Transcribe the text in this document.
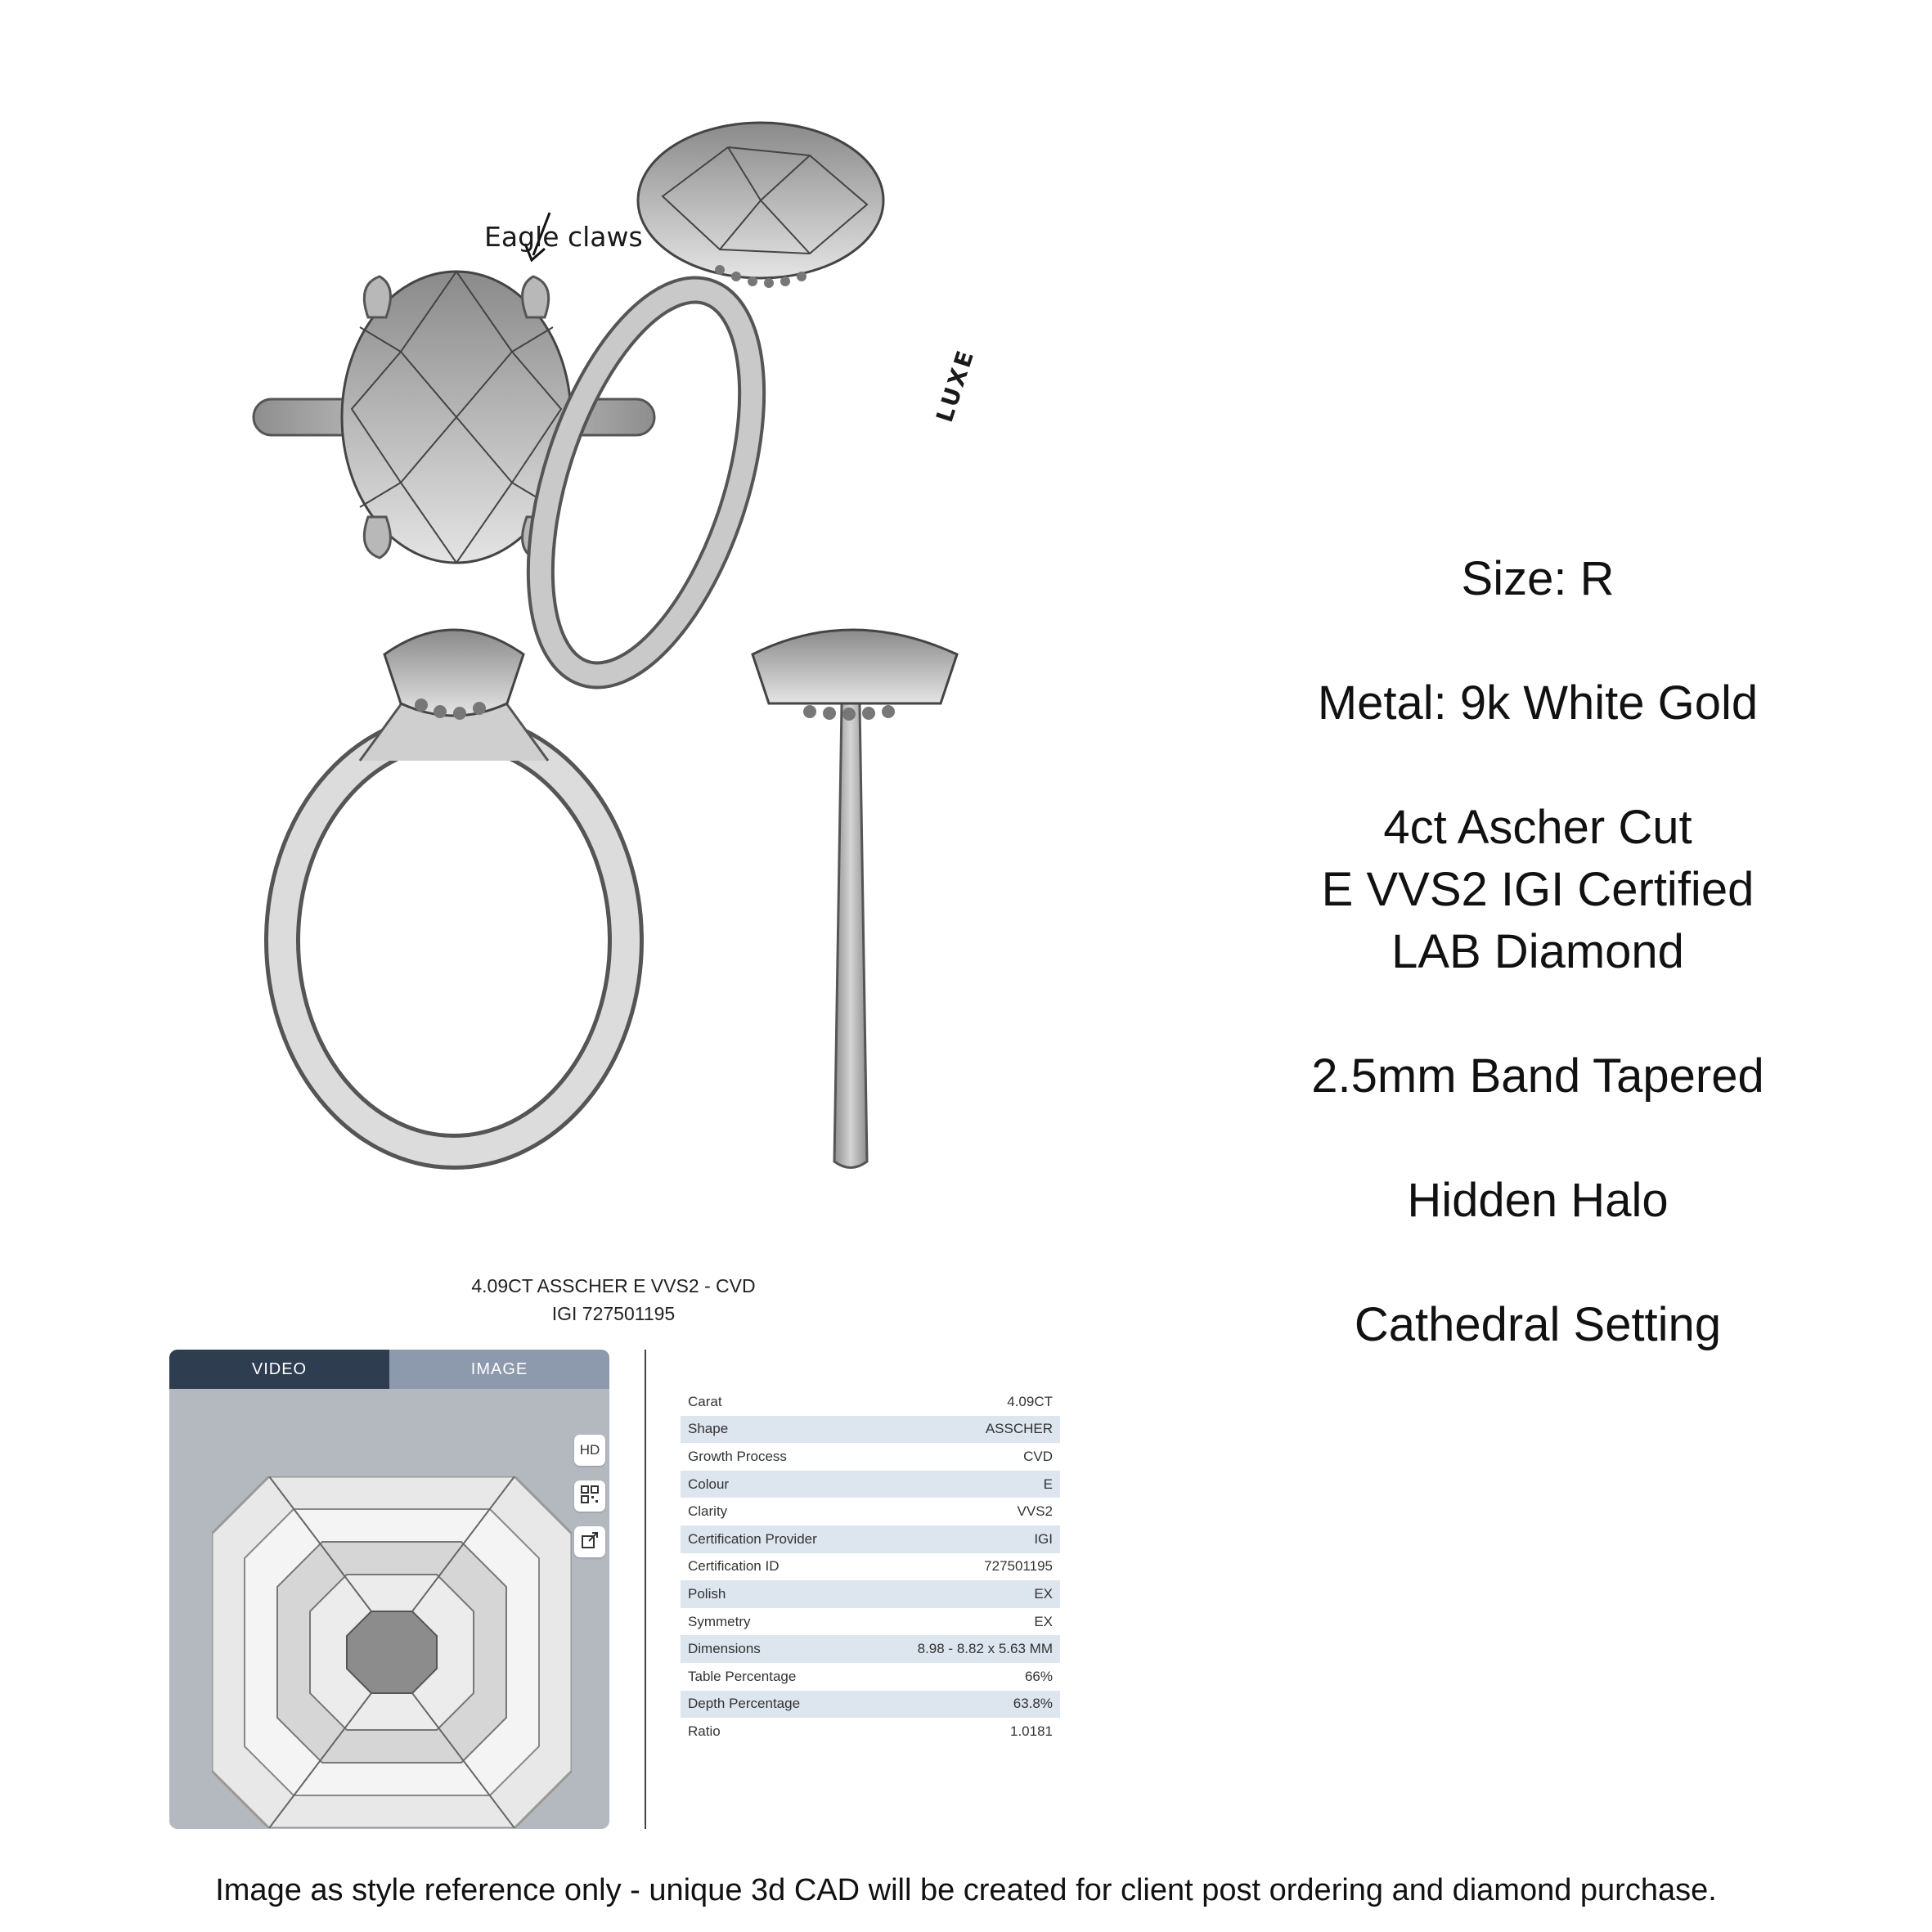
Eagle claws
LUXE
Size: R
Metal: 9k White Gold
4ct Ascher Cut
E VVS2 IGI Certified
LAB Diamond
2.5mm Band Tapered
Hidden Halo
Cathedral Setting
4.09CT ASSCHER E VVS2 - CVD
IGI 727501195
VIDEO	IMAGE
HD
Carat	4.09CT
Shape	ASSCHER
Growth Process	CVD
Colour	E
Clarity	VVS2
Certification Provider	IGI
Certification ID	727501195
Polish	EX
Symmetry	EX
Dimensions	8.98 - 8.82 x 5.63 MM
Table Percentage	66%
Depth Percentage	63.8%
Ratio	1.0181
Image as style reference only - unique 3d CAD will be created for client post ordering and diamond purchase.
